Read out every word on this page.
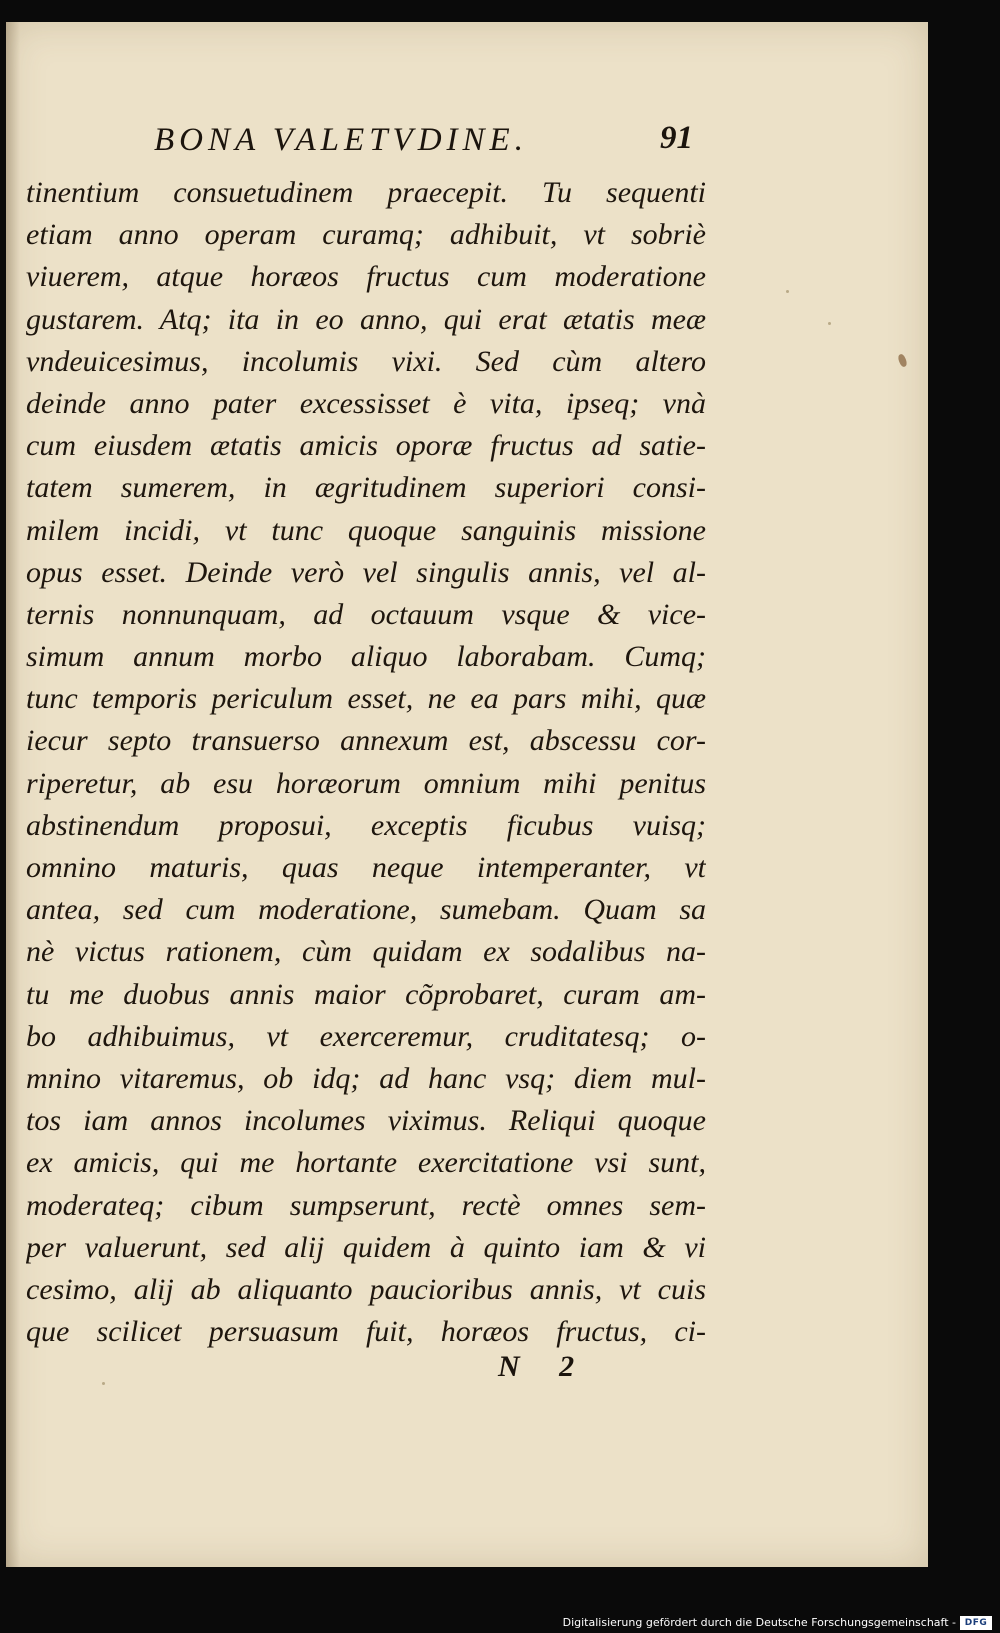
BONA VALETVDINE.	91
tinentium consuetudinem praecepit. Tu sequenti
etiam anno operam curamq; adhibuit, vt sobriè
viuerem, atque horæos fructus cum moderatione
gustarem. Atq; ita in eo anno, qui erat ætatis meæ
vndeuicesimus, incolumis vixi. Sed cùm altero
deinde anno pater excessisset è vita, ipseq; vnà
cum eiusdem ætatis amicis oporæ fructus ad satie-
tatem sumerem, in ægritudinem superiori consi-
milem incidi, vt tunc quoque sanguinis missione
opus esset. Deinde verò vel singulis annis, vel al-
ternis nonnunquam, ad octauum vsque & vice-
simum annum morbo aliquo laborabam. Cumq;
tunc temporis periculum esset, ne ea pars mihi, quæ
iecur septo transuerso annexum est, abscessu cor-
riperetur, ab esu horæorum omnium mihi penitus
abstinendum proposui, exceptis ficubus vuisq;
omnino maturis, quas neque intemperanter, vt
antea, sed cum moderatione, sumebam. Quam sa
nè victus rationem, cùm quidam ex sodalibus na-
tu me duobus annis maior cõprobaret, curam am-
bo adhibuimus, vt exerceremur, cruditatesq; o-
mnino vitaremus, ob idq; ad hanc vsq; diem mul-
tos iam annos incolumes viximus. Reliqui quoque
ex amicis, qui me hortante exercitatione vsi sunt,
moderateq; cibum sumpserunt, rectè omnes sem-
per valuerunt, sed alij quidem à quinto iam & vi
cesimo, alij ab aliquanto paucioribus annis, vt cuis
que scilicet persuasum fuit, horæos fructus, ci-
N 2
Digitalisierung gefördert durch die Deutsche Forschungsgemeinschaft - DFG
